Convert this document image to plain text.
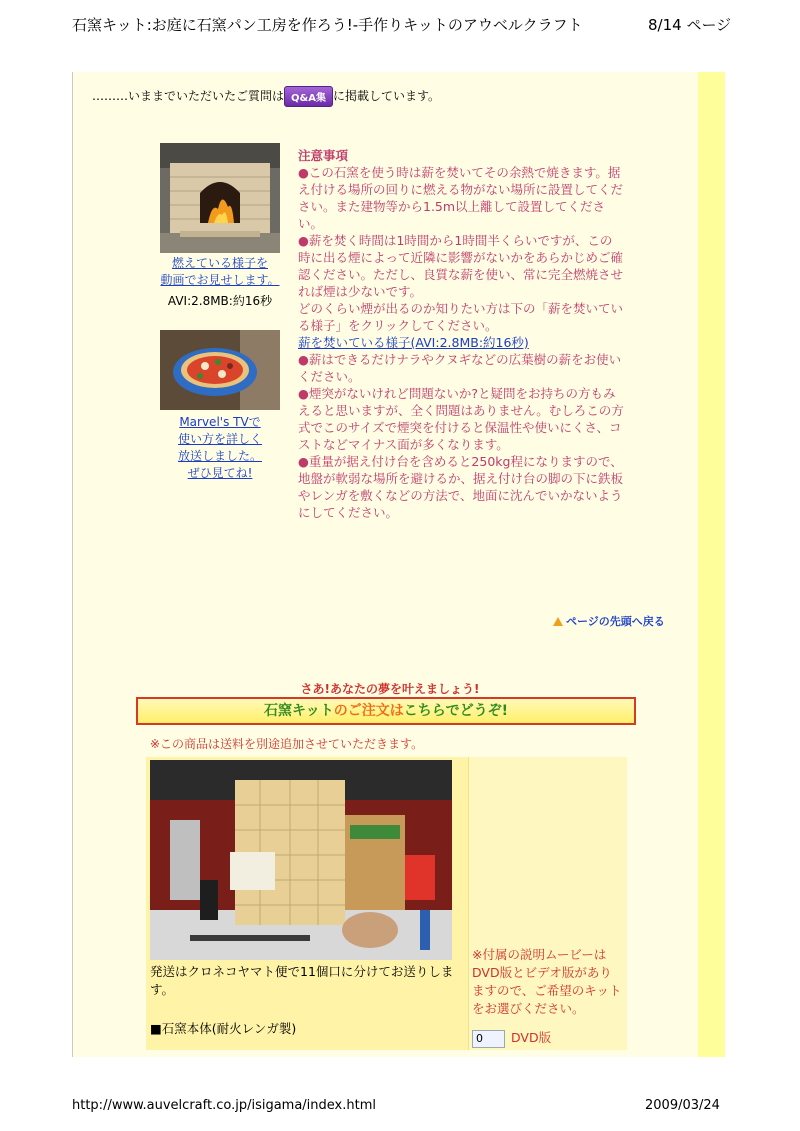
石窯キット:お庭に石窯パン工房を作ろう!-手作りキットのアウベルクラフト	8/14 ページ
………いままでいただいたご質問は Q&A集 に掲載しています。
燃えている様子を
動画でお見せします。
AVI:2.8MB:約16秒
Marvel's TVで
使い方を詳しく
放送しました。
ぜひ見てね!

注意事項

●この石窯を使う時は薪を焚いてその余熱で焼きます。据え付ける場所の回りに燃える物がない場所に設置してください。また建物等から1.5m以上離して設置してください。

●薪を焚く時間は1時間から1時間半くらいですが、この時に出る煙によって近隣に影響がないかをあらかじめご確認ください。ただし、良質な薪を使い、常に完全燃焼させれば煙は少ないです。

どのくらい煙が出るのか知りたい方は下の「薪を焚いている様子」をクリックしてください。

薪を焚いている様子(AVI:2.8MB:約16秒)

●薪はできるだけナラやクヌギなどの広葉樹の薪をお使いください。

●煙突がないけれど問題ないか?と疑問をお持ちの方もみえると思いますが、全く問題はありません。むしろこの方式でこのサイズで煙突を付けると保温性や使いにくさ、コストなどマイナス面が多くなります。

●重量が据え付け台を含めると250kg程になりますので、地盤が軟弱な場所を避けるか、据え付け台の脚の下に鉄板やレンガを敷くなどの方法で、地面に沈んでいかないようにしてください。

ページの先頭へ戻る
さあ!あなたの夢を叶えましょう!
石窯キットのご注文はこちらでどうぞ!
※この商品は送料を別途追加させていただきます。
発送はクロネコヤマト便で11個口に分けてお送りします。
■石窯本体(耐火レンガ製)
※付属の説明ムービーはDVD版とビデオ版がありますので、ご希望のキットをお選びください。
0 DVD版
http://www.auvelcraft.co.jp/isigama/index.html	2009/03/24
